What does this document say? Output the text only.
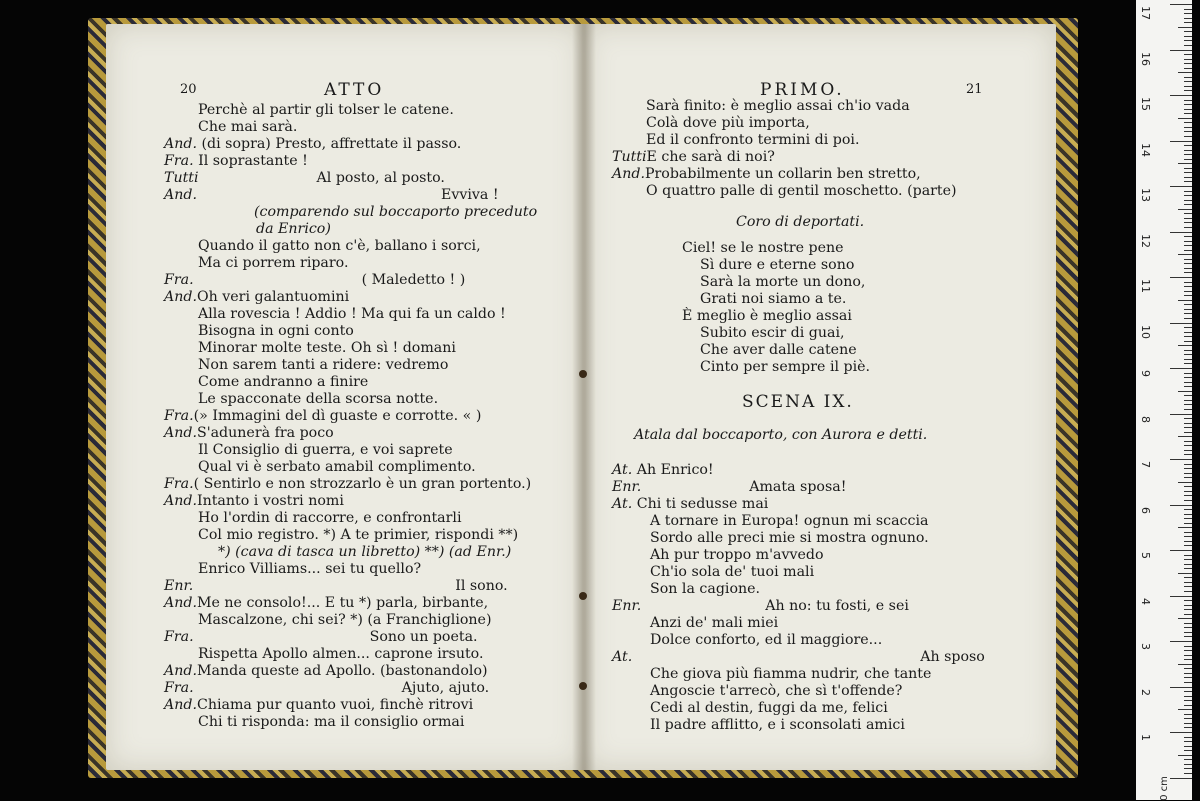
20	ATTO
Perchè al partir gli tolser le catene.
Che mai sarà.
And. (di sopra) Presto, affrettate il passo.
Fra. Il soprastante !
Tutti	Al posto, al posto.
And.	Evviva !
(comparendo sul boccaporto preceduto
da Enrico)
Quando il gatto non c'è, ballano i sorci,
Ma ci porrem riparo.
Fra.	( Maledetto ! )
And.Oh veri galantuomini
Alla rovescia ! Addio ! Ma qui fa un caldo !
Bisogna in ogni conto
Minorar molte teste. Oh sì ! domani
Non sarem tanti a ridere: vedremo
Come andranno a finire
Le spacconate della scorsa notte.
Fra.(» Immagini del dì guaste e corrotte. « )
And.S'adunerà fra poco
Il Consiglio di guerra, e voi saprete
Qual vi è serbato amabil complimento.
Fra.( Sentirlo e non strozzarlo è un gran portento.)
And.Intanto i vostri nomi
Ho l'ordin di raccorre, e confrontarli
Col mio registro. *) A te primier, rispondi **)
*) (cava di tasca un libretto) **) (ad Enr.)
Enrico Villiams... sei tu quello?
Enr.	Il sono.
And.Me ne consolo!... E tu *) parla, birbante,
Mascalzone, chi sei? *) (a Franchiglione)
Fra.	Sono un poeta.
Rispetta Apollo almen... caprone irsuto.
And.Manda queste ad Apollo. (bastonandolo)
Fra.	Ajuto, ajuto.
And.Chiama pur quanto vuoi, finchè ritrovi
Chi ti risponda: ma il consiglio ormai
PRIMO.	21
Sarà finito: è meglio assai ch'io vada
Colà dove più importa,
Ed il confronto termini di poi.
TuttiE che sarà di noi?
And.Probabilmente un collarin ben stretto,
O quattro palle di gentil moschetto. (parte)
Coro di deportati.
Ciel! se le nostre pene
Sì dure e eterne sono
Sarà la morte un dono,
Grati noi siamo a te.
È meglio è meglio assai
Subito escir di guai,
Che aver dalle catene
Cinto per sempre il piè.
SCENA IX.
Atala dal boccaporto, con Aurora e detti.
At. Ah Enrico!
Enr.	Amata sposa!
At. Chi ti sedusse mai
A tornare in Europa! ognun mi scaccia
Sordo alle preci mie si mostra ognuno.
Ah pur troppo m'avvedo
Ch'io sola de' tuoi mali
Son la cagione.
Enr.	Ah no: tu fosti, e sei
Anzi de' mali miei
Dolce conforto, ed il maggiore...
At.	Ah sposo
Che giova più fiamma nudrir, che tante
Angoscie t'arrecò, che sì t'offende?
Cedi al destin, fuggi da me, felici
Il padre afflitto, e i sconsolati amici
0 cm
17
16
15
14
13
12
11
10
9
8
7
6
5
4
3
2
1
